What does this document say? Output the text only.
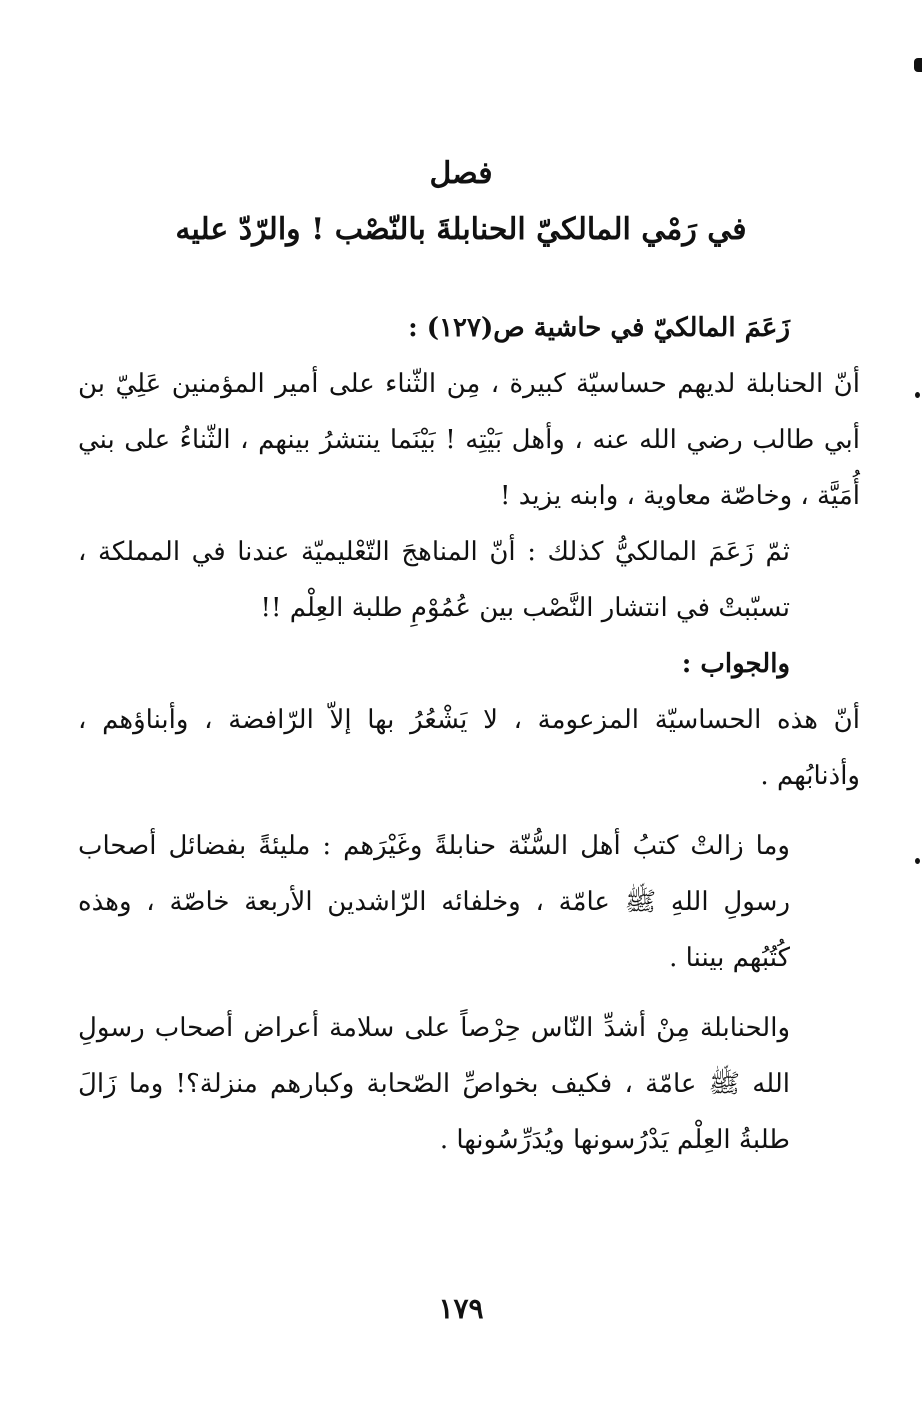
فصل
في رَمْي المالكيّ الحنابلةَ بالنّصْب ! والرّدّ عليه

زَعَمَ المالكيّ في حاشية ص(١٢٧) :

أنّ الحنابلة لديهم حساسيّة كبيرة ، مِن الثّناء على أمير المؤمنين عَلِيّ بن أبي طالب رضي الله عنه ، وأهل بَيْتِه ! بَيْنَما ينتشرُ بينهم ، الثّناءُ على بني أُمَيَّة ، وخاصّة معاوية ، وابنه يزيد !

ثمّ زَعَمَ المالكيُّ كذلك : أنّ المناهجَ التّعْليميّة عندنا في المملكة ، تسبّبتْ في انتشار النَّصْب بين عُمُوْمِ طلبة العِلْم !!

والجواب :

أنّ هذه الحساسيّة المزعومة ، لا يَشْعُرُ بها إلاّ الرّافضة ، وأبناؤهم ، وأذنابُهم .

وما زالتْ كتبُ أهل السُّنّة حنابلةً وغَيْرَهم : مليئةً بفضائل أصحاب رسولِ اللهِ ﷺ عامّة ، وخلفائه الرّاشدين الأربعة خاصّة ، وهذه كُتُبُهم بيننا .

والحنابلة مِنْ أشدِّ النّاس حِرْصاً على سلامة أعراض أصحاب رسولِ الله ﷺ عامّة ، فكيف بخواصِّ الصّحابة وكبارهم منزلة؟! وما زَالَ طلبةُ العِلْم يَدْرُسونها ويُدَرِّسُونها .

١٧٩
